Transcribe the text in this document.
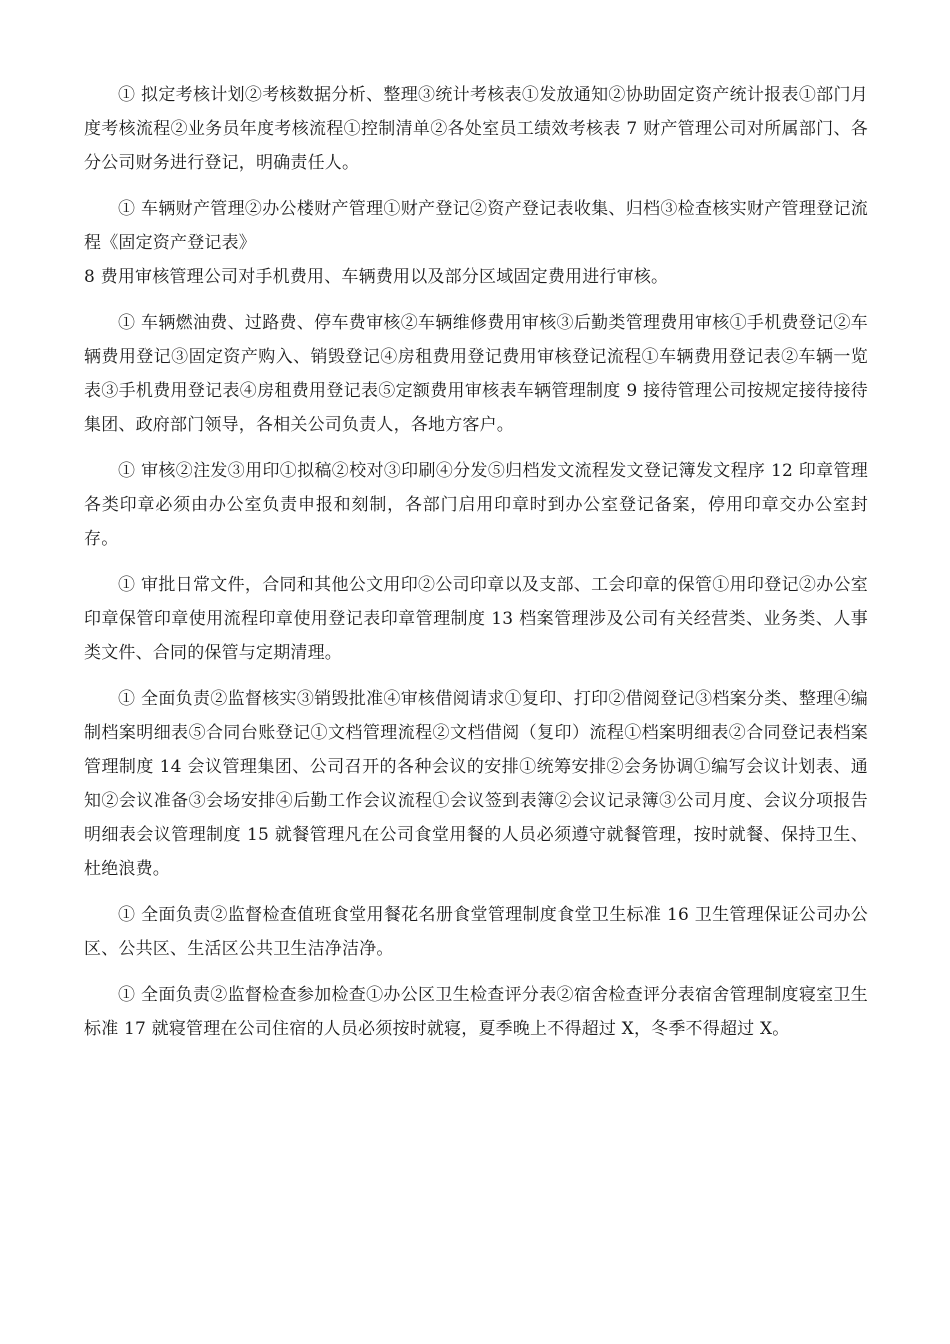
① 拟定考核计划②考核数据分析、整理③统计考核表①发放通知②协助固定资产统计报表①部门月度考核流程②业务员年度考核流程①控制清单②各处室员工绩效考核表 7 财产管理公司对所属部门、各分公司财务进行登记，明确责任人。

① 车辆财产管理②办公楼财产管理①财产登记②资产登记表收集、归档③检查核实财产管理登记流程《固定资产登记表》

8 费用审核管理公司对手机费用、车辆费用以及部分区域固定费用进行审核。

① 车辆燃油费、过路费、停车费审核②车辆维修费用审核③后勤类管理费用审核①手机费登记②车辆费用登记③固定资产购入、销毁登记④房租费用登记费用审核登记流程①车辆费用登记表②车辆一览表③手机费用登记表④房租费用登记表⑤定额费用审核表车辆管理制度 9 接待管理公司按规定接待接待集团、政府部门领导，各相关公司负责人，各地方客户。

① 审核②注发③用印①拟稿②校对③印刷④分发⑤归档发文流程发文登记簿发文程序 12 印章管理各类印章必须由办公室负责申报和刻制，各部门启用印章时到办公室登记备案，停用印章交办公室封存。

① 审批日常文件，合同和其他公文用印②公司印章以及支部、工会印章的保管①用印登记②办公室印章保管印章使用流程印章使用登记表印章管理制度 13 档案管理涉及公司有关经营类、业务类、人事类文件、合同的保管与定期清理。

① 全面负责②监督核实③销毁批准④审核借阅请求①复印、打印②借阅登记③档案分类、整理④编制档案明细表⑤合同台账登记①文档管理流程②文档借阅（复印）流程①档案明细表②合同登记表档案管理制度 14 会议管理集团、公司召开的各种会议的安排①统筹安排②会务协调①编写会议计划表、通知②会议准备③会场安排④后勤工作会议流程①会议签到表簿②会议记录簿③公司月度、会议分项报告明细表会议管理制度 15 就餐管理凡在公司食堂用餐的人员必须遵守就餐管理，按时就餐、保持卫生、杜绝浪费。

① 全面负责②监督检查值班食堂用餐花名册食堂管理制度食堂卫生标准 16 卫生管理保证公司办公区、公共区、生活区公共卫生洁净洁净。

① 全面负责②监督检查参加检查①办公区卫生检查评分表②宿舍检查评分表宿舍管理制度寝室卫生标准 17 就寝管理在公司住宿的人员必须按时就寝，夏季晚上不得超过 X，冬季不得超过 X。
